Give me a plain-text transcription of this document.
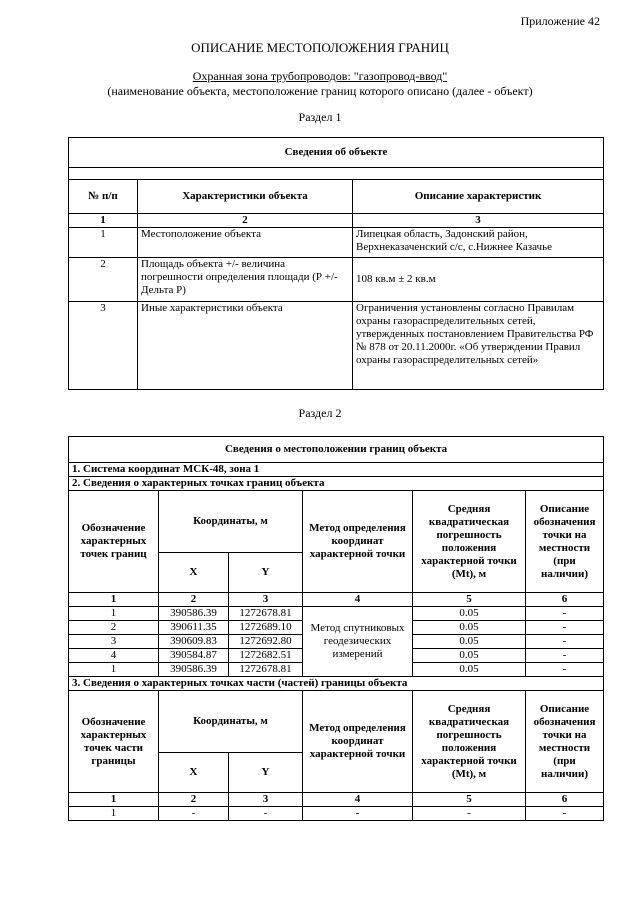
Приложение 42
ОПИСАНИЕ МЕСТОПОЛОЖЕНИЯ ГРАНИЦ
Охранная зона трубопроводов: "газопровод-ввод"
(наименование объекта, местоположение границ которого описано (далее - объект)
Раздел 1
Сведения об объекте		

№ п/п	Характеристики объекта	Описание характеристик
1	2	3
1	Местоположение объекта	Липецкая область, Задонский район, Верхнеказаченский с/с, с.Нижнее Казачье
2	Площадь объекта +/- величина погрешности определения площади (Р +/- Дельта Р)	108 кв.м ± 2 кв.м
3	Иные характеристики объекта	Ограничения установлены согласно Правилам охраны газораспределительных сетей, утвержденных постановлением Правительства РФ № 878 от 20.11.2000г. «Об утверждении Правил охраны газораспределительных сетей»
Раздел 2
Сведения о местоположении границ объекта					
1. Система координат МСК-48, зона 1					
2. Сведения о характерных точках границ объекта					
Обозначение характерных точек границ	Координаты, м		Метод определения координат характерной точки	Средняя квадратическая погрешность положения характерной точки (Mt), м	Описание обозначения точки на местности (при наличии)
	X	Y			
1	2	3	4	5	6
1	390586.39	1272678.81	Метод спутниковых геодезических измерений	0.05	-
2	390611.35	1272689.10		0.05	-
3	390609.83	1272692.80		0.05	-
4	390584.87	1272682.51		0.05	-
1	390586.39	1272678.81		0.05	-
3. Сведения о характерных точках части (частей) границы объекта					
Обозначение характерных точек части границы	Координаты, м		Метод определения координат характерной точки	Средняя квадратическая погрешность положения характерной точки (Mt), м	Описание обозначения точки на местности (при наличии)
	X	Y			
1	2	3	4	5	6
1	-	-	-	-	-
